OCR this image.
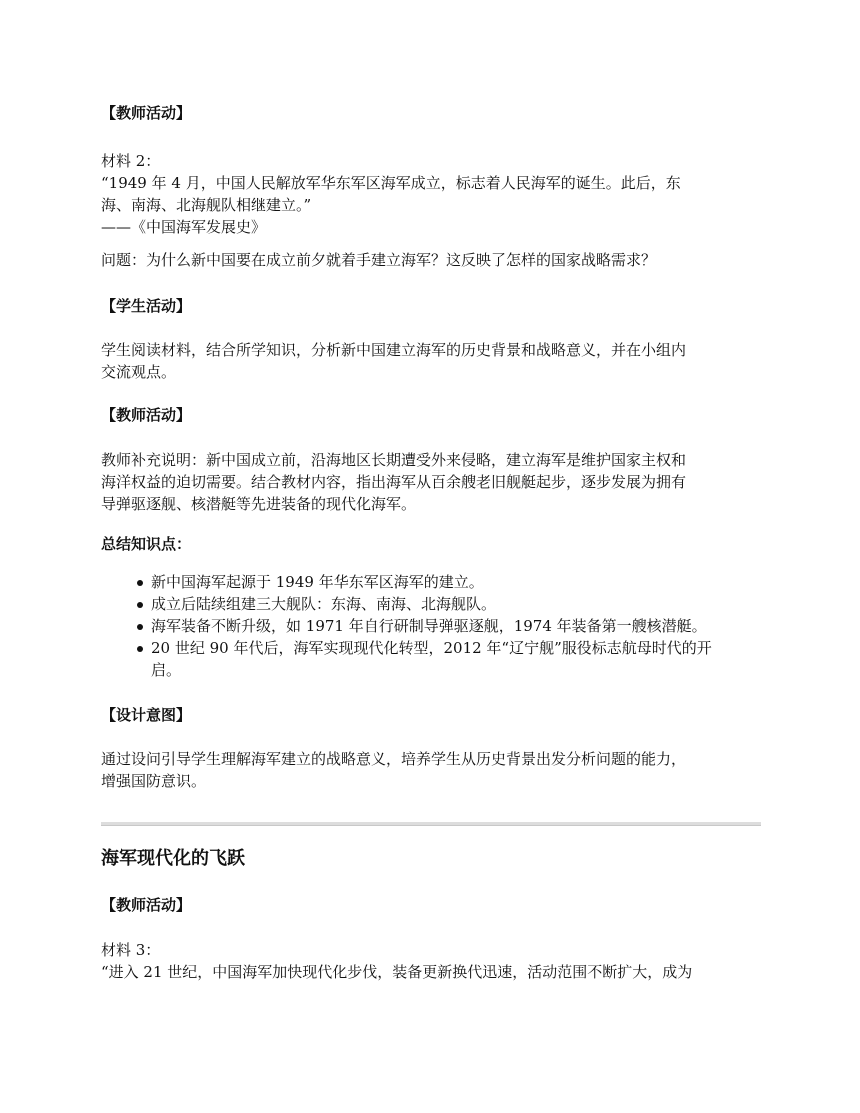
【教师活动】
材料 2：
“1949 年 4 月，中国人民解放军华东军区海军成立，标志着人民海军的诞生。此后，东
海、南海、北海舰队相继建立。”
——《中国海军发展史》
问题：为什么新中国要在成立前夕就着手建立海军？这反映了怎样的国家战略需求？
【学生活动】
学生阅读材料，结合所学知识，分析新中国建立海军的历史背景和战略意义，并在小组内
交流观点。
【教师活动】
教师补充说明：新中国成立前，沿海地区长期遭受外来侵略，建立海军是维护国家主权和
海洋权益的迫切需要。结合教材内容，指出海军从百余艘老旧舰艇起步，逐步发展为拥有
导弹驱逐舰、核潜艇等先进装备的现代化海军。
总结知识点：
新中国海军起源于 1949 年华东军区海军的建立。
成立后陆续组建三大舰队：东海、南海、北海舰队。
海军装备不断升级，如 1971 年自行研制导弹驱逐舰，1974 年装备第一艘核潜艇。
20 世纪 90 年代后，海军实现现代化转型，2012 年“辽宁舰”服役标志航母时代的开
启。
【设计意图】
通过设问引导学生理解海军建立的战略意义，培养学生从历史背景出发分析问题的能力，
增强国防意识。
海军现代化的飞跃
【教师活动】
材料 3：
“进入 21 世纪，中国海军加快现代化步伐，装备更新换代迅速，活动范围不断扩大，成为
